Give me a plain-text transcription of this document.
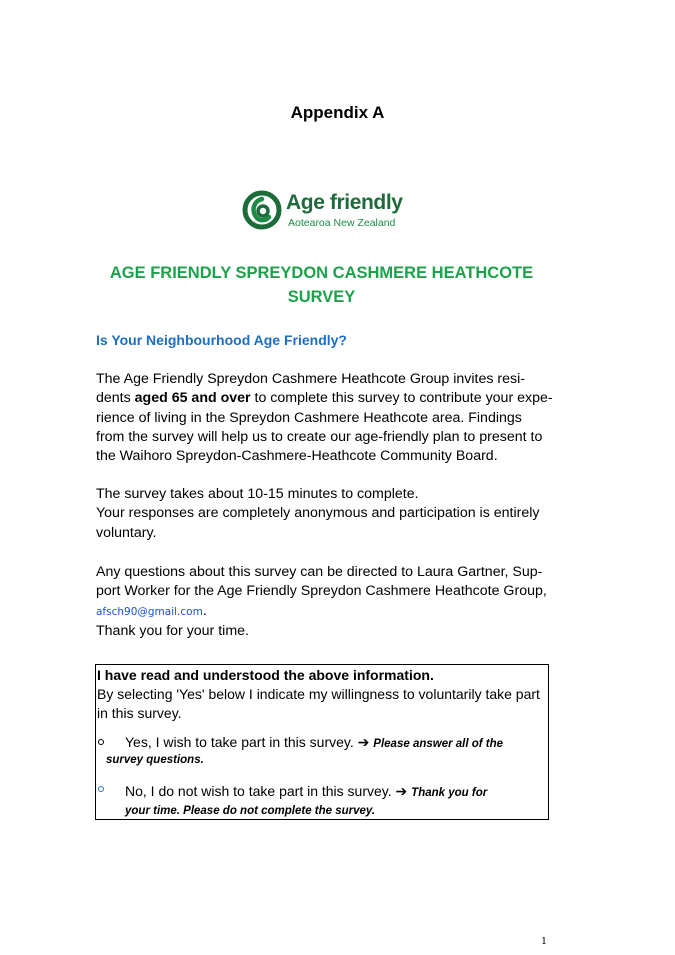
Appendix A
Age friendly
Aotearoa New Zealand
AGE FRIENDLY SPREYDON CASHMERE HEATHCOTE
SURVEY
Is Your Neighbourhood Age Friendly?
The Age Friendly Spreydon Cashmere Heathcote Group invites resi-
dents aged 65 and over to complete this survey to contribute your expe-
rience of living in the Spreydon Cashmere Heathcote area. Findings
from the survey will help us to create our age-friendly plan to present to
the Waihoro Spreydon-Cashmere-Heathcote Community Board.
The survey takes about 10-15 minutes to complete.
Your responses are completely anonymous and participation is entirely
voluntary.
Any questions about this survey can be directed to Laura Gartner, Sup-
port Worker for the Age Friendly Spreydon Cashmere Heathcote Group,
afsch90@gmail.com.
Thank you for your time.
I have read and understood the above information.
By selecting 'Yes' below I indicate my willingness to voluntarily take part
in this survey.
Yes, I wish to take part in this survey. ➔ Please answer all of the
survey questions.
No, I do not wish to take part in this survey. ➔ Thank you for
your time. Please do not complete the survey.
1
